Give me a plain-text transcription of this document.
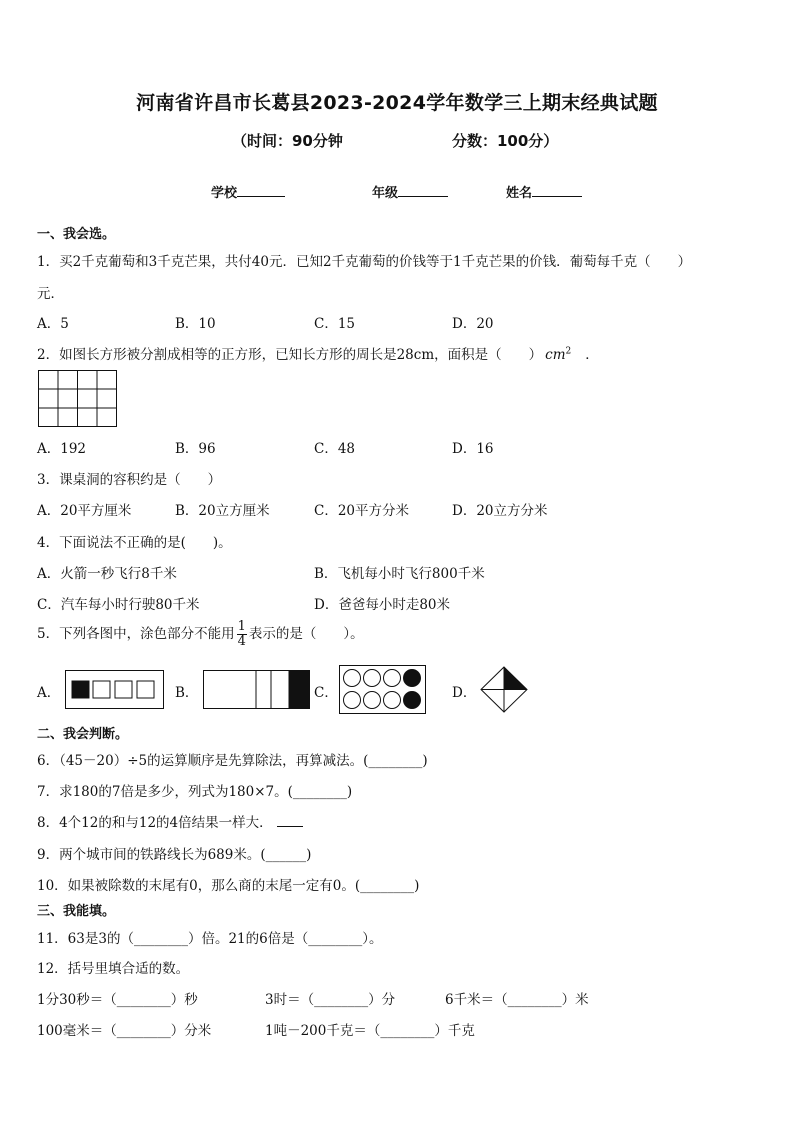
河南省许昌市长葛县2023-2024学年数学三上期末经典试题
（时间：90分钟	分数：100分）
学校	年级	姓名
一、我会选。
1．买2千克葡萄和3千克芒果，共付40元．已知2千克葡萄的价钱等于1千克芒果的价钱．葡萄每千克（　　）
元．
A．5	B．10	C．15	D．20
2．如图长方形被分割成相等的正方形，已知长方形的周长是28cm，面积是（　　） $cm^2$ ．
A．192	B．96	C．48	D．16
3．课桌洞的容积约是（　　）
A．20平方厘米	B．20立方厘米	C．20平方分米	D．20立方分米
4．下面说法不正确的是(　　)。
A．火箭一秒飞行8千米	B．飞机每小时飞行800千米
C．汽车每小时行驶80千米	D．爸爸每小时走80米
5．下列各图中，涂色部分不能用 $\frac{1}{4}$ 表示的是（　　）。
A．	B．	C．	D．
二、我会判断。
6．（45－20）÷5的运算顺序是先算除法，再算减法。(________)
7．求180的7倍是多少，列式为180×7。(________)
8．4个12的和与12的4倍结果一样大．
9．两个城市间的铁路线长为689米。(______)
10．如果被除数的末尾有0，那么商的末尾一定有0。(________)
三、我能填。
11．63是3的（________）倍。21的6倍是（________）。
12．括号里填合适的数。
1分30秒＝（________）秒	3时＝（________）分	6千米＝（________）米
100毫米＝（________）分米	1吨－200千克＝（________）千克
